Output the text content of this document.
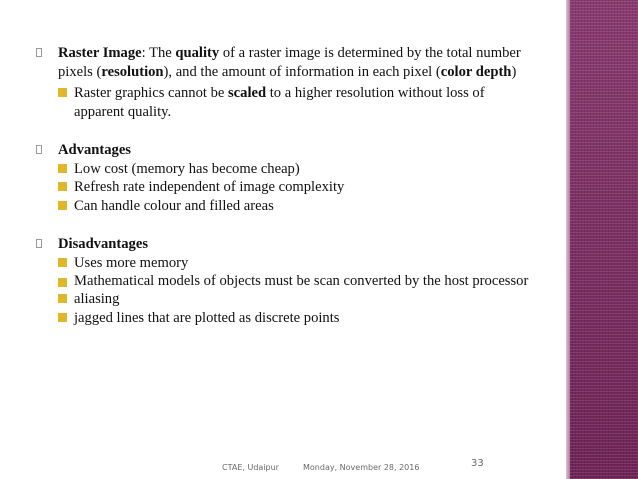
Raster Image: The quality of a raster image is determined by the total number pixels (resolution), and the amount of information in each pixel (color depth)
Raster graphics cannot be scaled to a higher resolution without loss of apparent quality.
Advantages
Low cost (memory has become cheap)
Refresh rate independent of image complexity
Can handle colour and filled areas
Disadvantages
Uses more memory
Mathematical models of objects must be scan converted by the host processor
aliasing
jagged lines that are plotted as discrete points
CTAE, Udaipur	Monday, November 28, 2016	33
